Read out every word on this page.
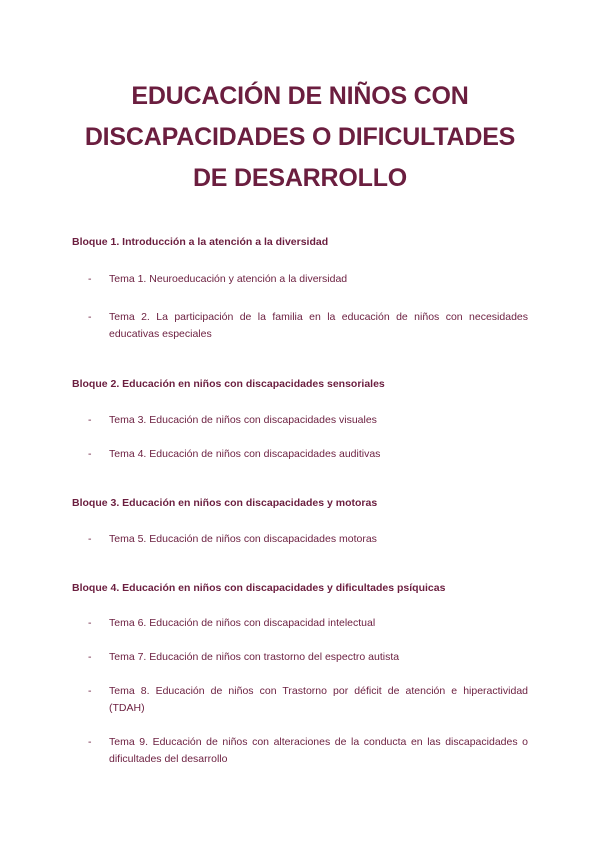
EDUCACIÓN DE NIÑOS CON
DISCAPACIDADES O DIFICULTADES
DE DESARROLLO
Bloque 1. Introducción a la atención a la diversidad
- Tema 1. Neuroeducación y atención a la diversidad
- Tema 2. La participación de la familia en la educación de niños con necesidades educativas especiales
Bloque 2. Educación en niños con discapacidades sensoriales
- Tema 3. Educación de niños con discapacidades visuales
- Tema 4. Educación de niños con discapacidades auditivas
Bloque 3. Educación en niños con discapacidades y motoras
- Tema 5. Educación de niños con discapacidades motoras
Bloque 4. Educación en niños con discapacidades y dificultades psíquicas
- Tema 6. Educación de niños con discapacidad intelectual
- Tema 7. Educación de niños con trastorno del espectro autista
- Tema 8. Educación de niños con Trastorno por déficit de atención e hiperactividad (TDAH)
- Tema 9. Educación de niños con alteraciones de la conducta en las discapacidades o dificultades del desarrollo
